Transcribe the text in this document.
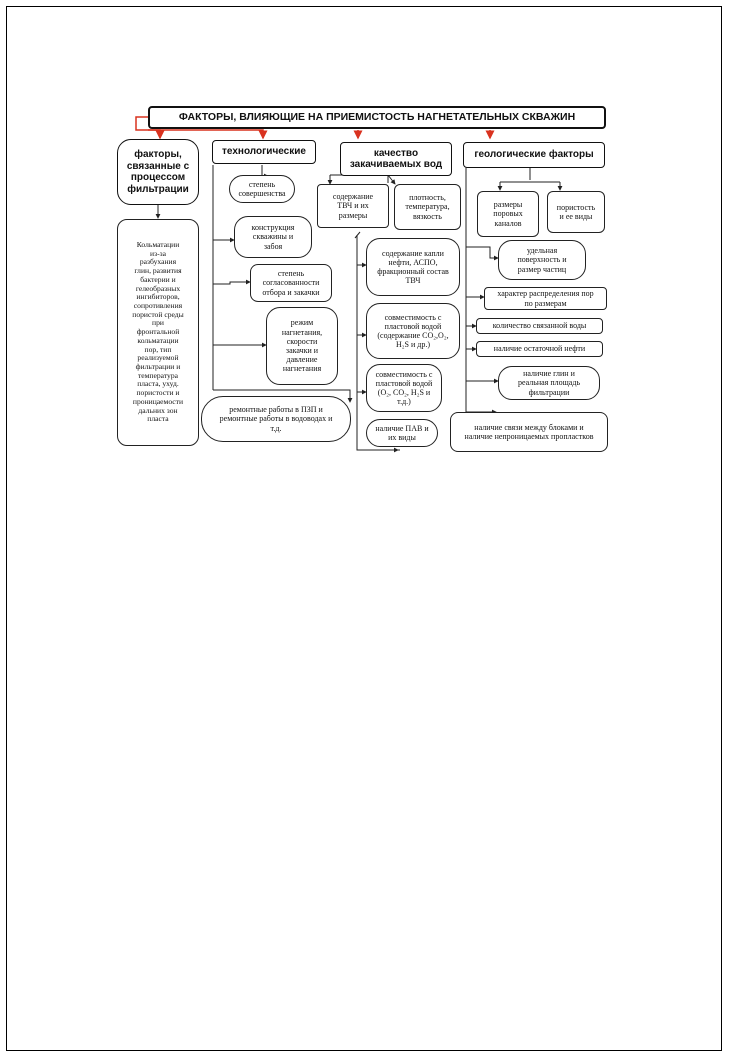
ФАКТОРЫ, ВЛИЯЮЩИЕ НА ПРИЕМИСТОСТЬ НАГНЕТАТЕЛЬНЫХ СКВАЖИН
факторы,
связанные с
процессом
фильтрации
Кольматации
из-за
разбухания
глин, развития
бактерии и
гелеобразных
ингибиторов,
сопротивления
пористой среды
при
фронтальной
кольматации
пор, тип
реализуемой
фильтрации и
температура
пласта, ухуд.
пористости и
проницаемости
дальних зон
пласта
технологические
степень
совершенства
конструкция
скважины и
забоя
степень
согласованности
отбора и закачки
режим
нагнетания,
скорости
закачки и
давление
нагнетания
ремонтные работы в ПЗП и
ремонтные работы в водоводах и
т.д.
качество
закачиваемых вод
содержание
ТВЧ и их
размеры
плотность,
температура,
вязкость
содержание капли
нефти, АСПО,
фракционный состав
ТВЧ
совместимость с
пластовой водой
(содержание CO₂,O₂,
H₂S и др.)
совместимость с
пластовой водой
(O₂, CO₂, H₂S и
т.д.)
наличие ПАВ и
их виды
геологические факторы
размеры
поровых
каналов
пористость
и ее виды
удельная
поверхность и
размер частиц
характер распределения пор
по размерам
количество связанной воды
наличие остаточной нефти
наличие глин и
реальная площадь
фильтрации
наличие связи между блоками и
наличие непроницаемых пропластков
